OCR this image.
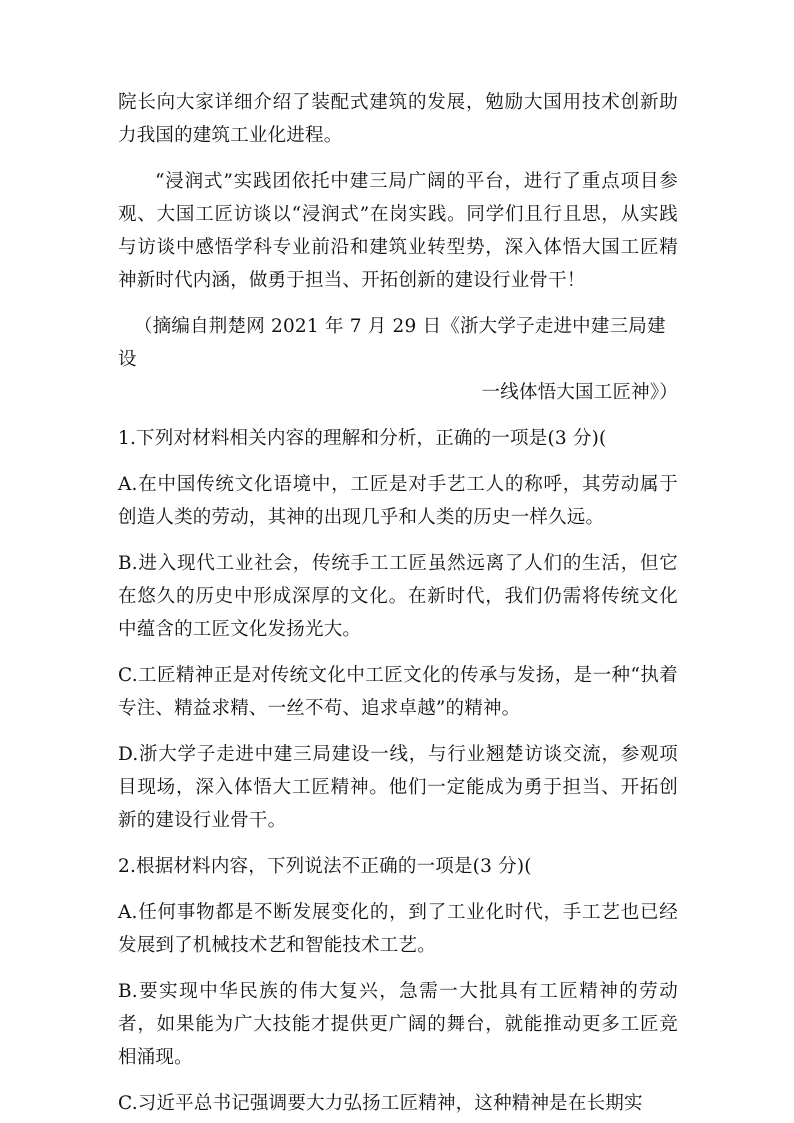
院长向大家详细介绍了装配式建筑的发展，勉励大国用技术创新助力我国的建筑工业化进程。

“浸润式”实践团依托中建三局广阔的平台，进行了重点项目参观、大国工匠访谈以“浸润式”在岗实践。同学们且行且思，从实践与访谈中感悟学科专业前沿和建筑业转型势，深入体悟大国工匠精神新时代内涵，做勇于担当、开拓创新的建设行业骨干！

（摘编自荆楚网 2021 年 7 月 29 日《浙大学子走进中建三局建设

一线体悟大国工匠神》）

1.下列对材料相关内容的理解和分析，正确的一项是(3 分)(

A.在中国传统文化语境中，工匠是对手艺工人的称呼，其劳动属于创造人类的劳动，其神的出现几乎和人类的历史一样久远。

B.进入现代工业社会，传统手工工匠虽然远离了人们的生活，但它在悠久的历史中形成深厚的文化。在新时代，我们仍需将传统文化中蕴含的工匠文化发扬光大。

C.工匠精神正是对传统文化中工匠文化的传承与发扬，是一种“执着专注、精益求精、一丝不苟、追求卓越”的精神。

D.浙大学子走进中建三局建设一线，与行业翘楚访谈交流，参观项目现场，深入体悟大工匠精神。他们一定能成为勇于担当、开拓创新的建设行业骨干。

2.根据材料内容，下列说法不正确的一项是(3 分)(

A.任何事物都是不断发展变化的，到了工业化时代，手工艺也已经发展到了机械技术艺和智能技术工艺。

B.要实现中华民族的伟大复兴，急需一大批具有工匠精神的劳动者，如果能为广大技能才提供更广阔的舞台，就能推动更多工匠竞相涌现。

C.习近平总书记强调要大力弘扬工匠精神，这种精神是在长期实
